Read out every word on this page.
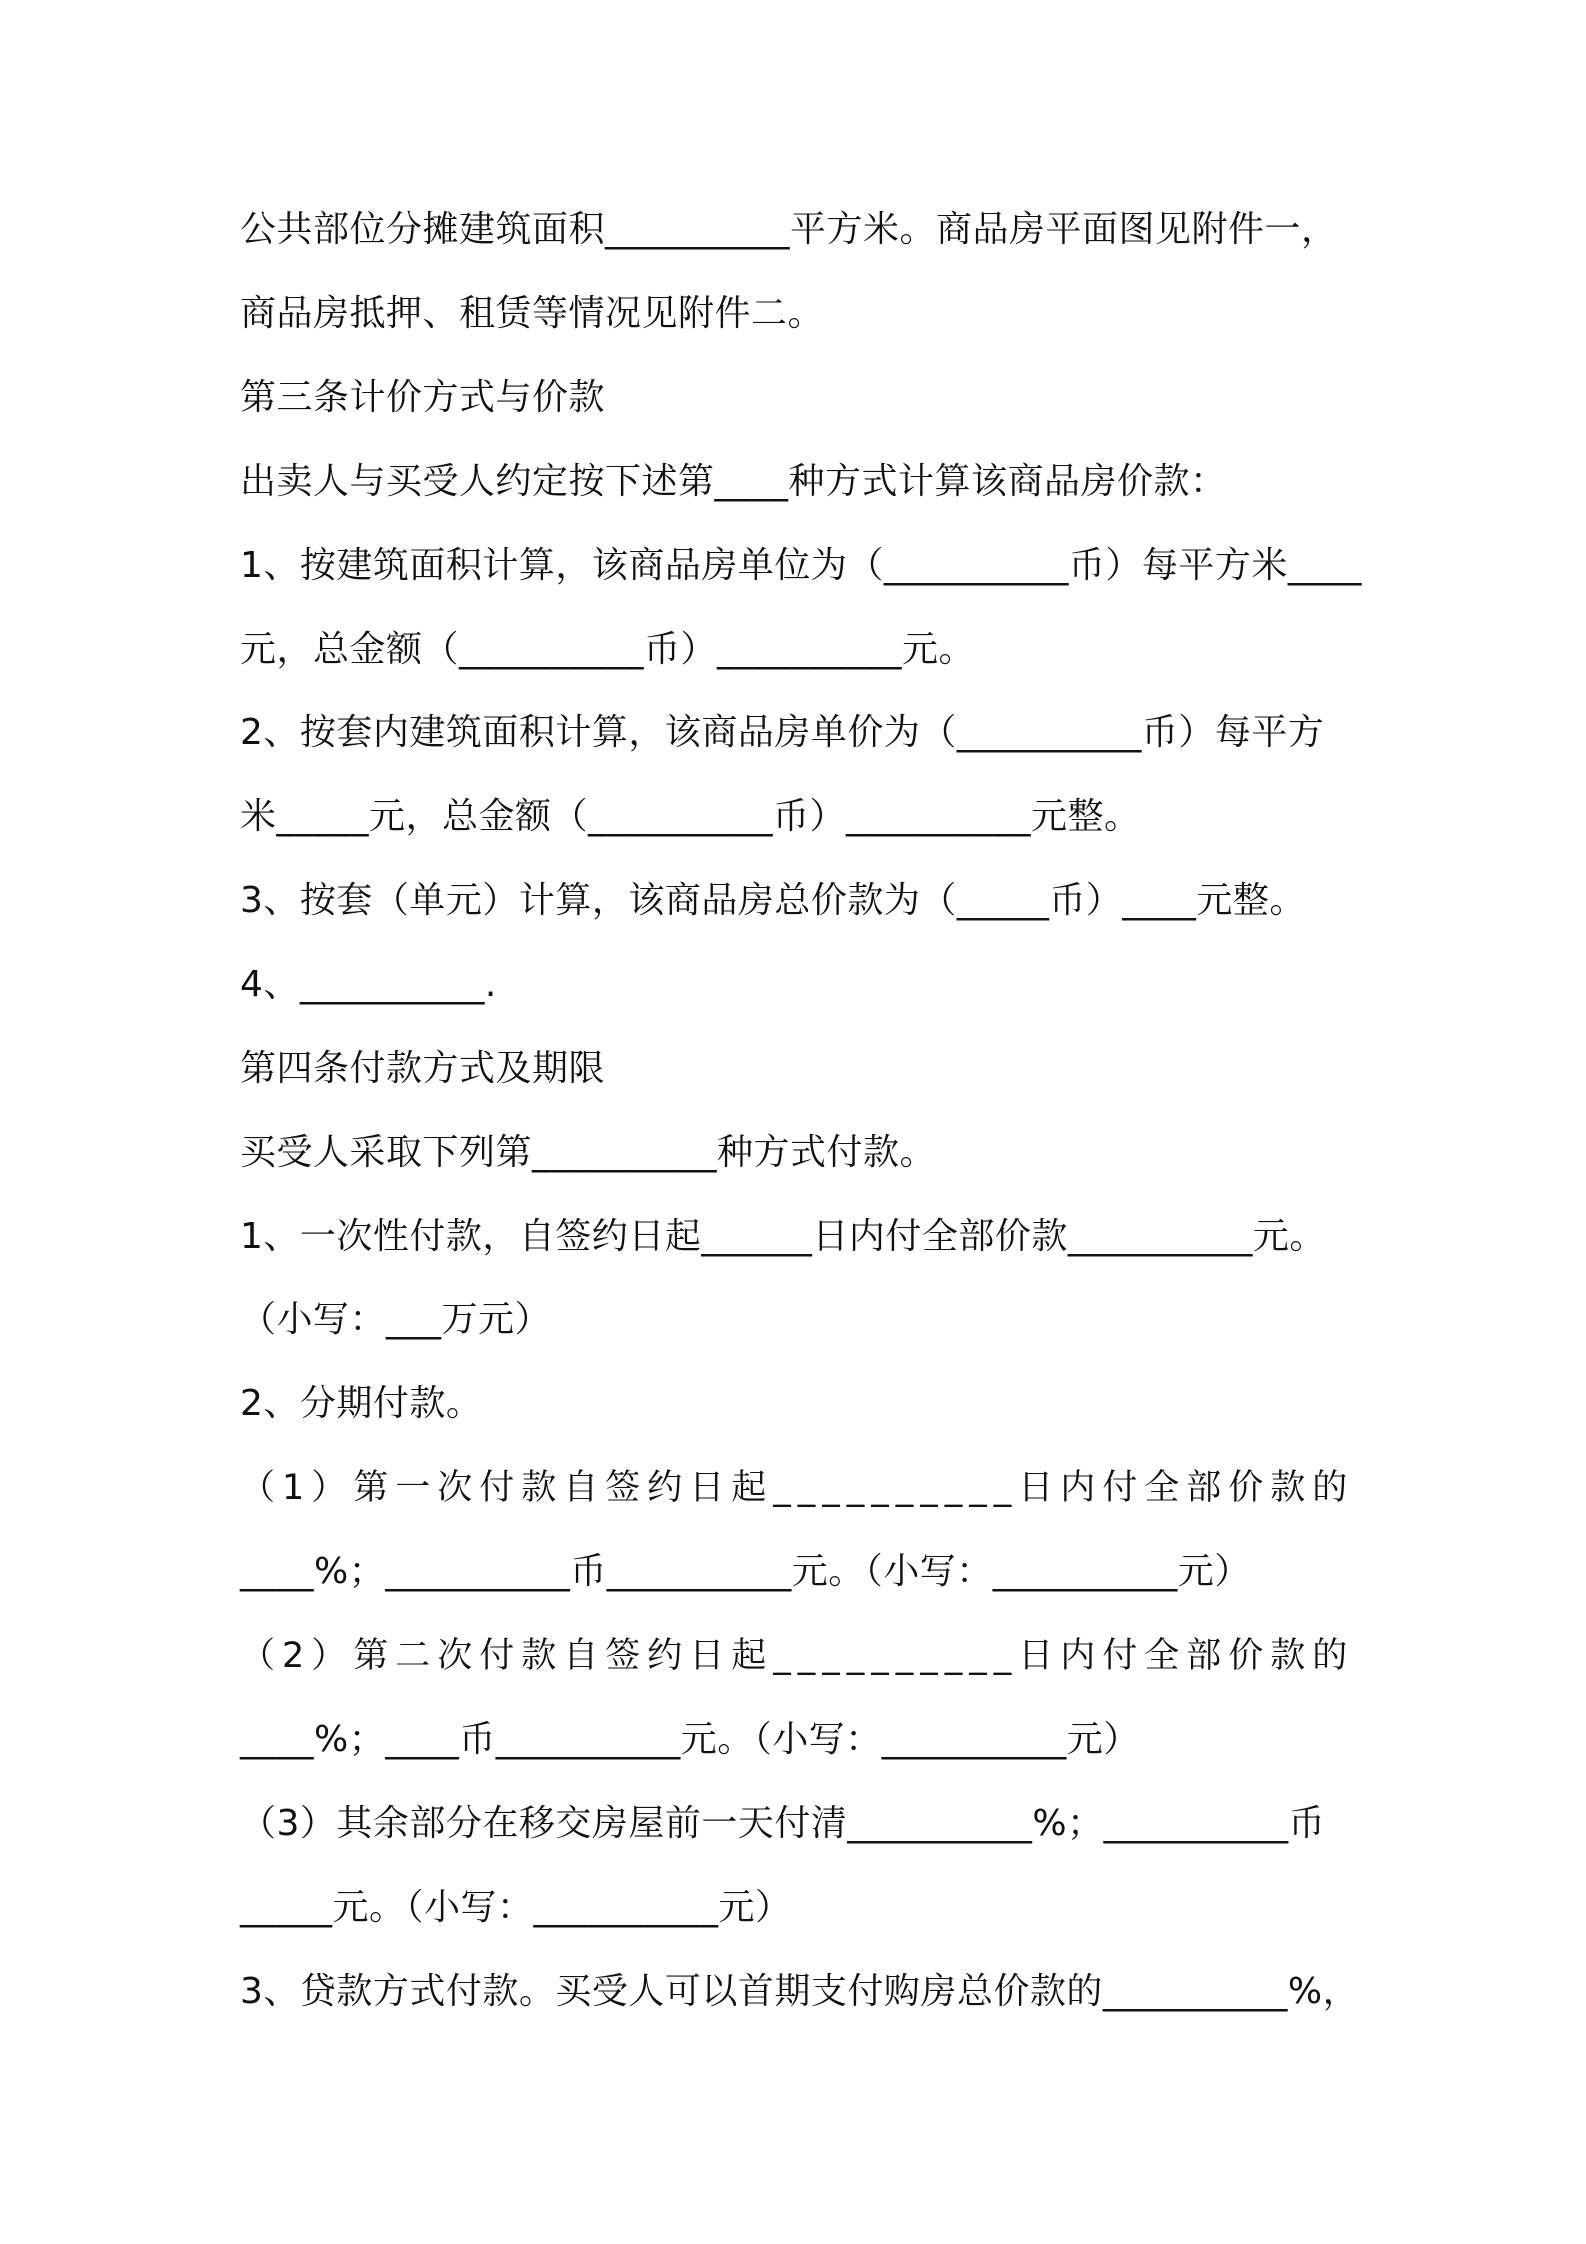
公共部位分摊建筑面积__________平方米。商品房平面图见附件一，
商品房抵押、租赁等情况见附件二。
第三条计价方式与价款
出卖人与买受人约定按下述第____种方式计算该商品房价款：
1、按建筑面积计算，该商品房单位为（__________币）每平方米____
元，总金额（__________币）__________元。
2、按套内建筑面积计算，该商品房单价为（__________币）每平方
米_____元，总金额（__________币）__________元整。
3、按套（单元）计算，该商品房总价款为（_____币）____元整。
4、__________.
第四条付款方式及期限
买受人采取下列第__________种方式付款。
1、一次性付款，自签约日起______日内付全部价款__________元。
（小写：___万元）
2、分期付款。
（1）第一次付款自签约日起__________日内付全部价款的
____%；__________币__________元。（小写：__________元）
（2）第二次付款自签约日起__________日内付全部价款的
____%；____币__________元。（小写：__________元）
（3）其余部分在移交房屋前一天付清__________%；__________币
_____元。（小写：__________元）
3、贷款方式付款。买受人可以首期支付购房总价款的__________%，
